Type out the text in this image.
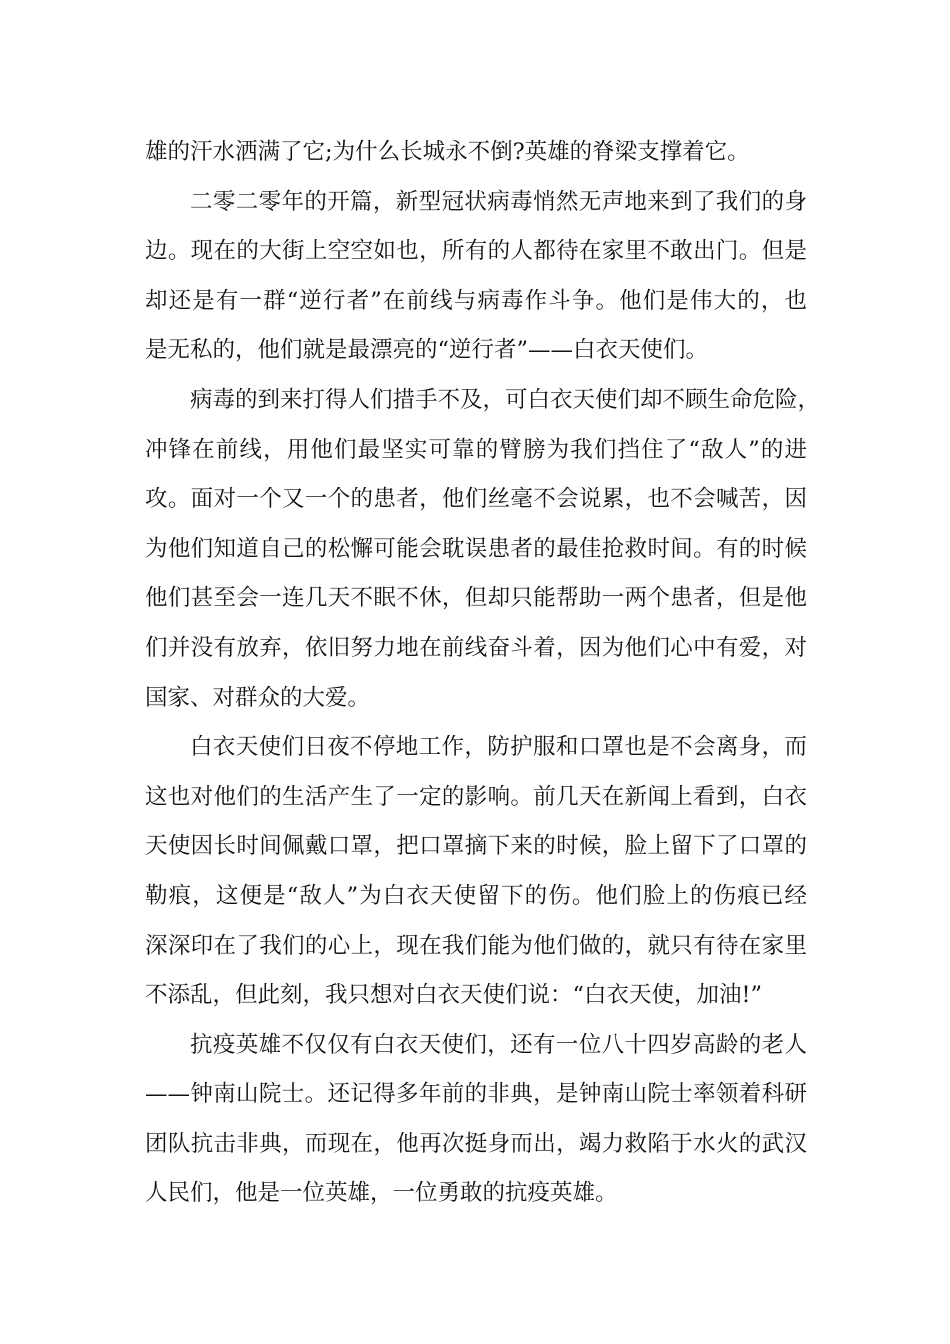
雄的汗水洒满了它;为什么长城永不倒?英雄的脊梁支撑着它。
二零二零年的开篇，新型冠状病毒悄然无声地来到了我们的身
边。现在的大街上空空如也，所有的人都待在家里不敢出门。但是
却还是有一群“逆行者”在前线与病毒作斗争。他们是伟大的，也
是无私的，他们就是最漂亮的“逆行者”——白衣天使们。
病毒的到来打得人们措手不及，可白衣天使们却不顾生命危险，
冲锋在前线，用他们最坚实可靠的臂膀为我们挡住了“敌人”的进
攻。面对一个又一个的患者，他们丝毫不会说累，也不会喊苦，因
为他们知道自己的松懈可能会耽误患者的最佳抢救时间。有的时候
他们甚至会一连几天不眠不休，但却只能帮助一两个患者，但是他
们并没有放弃，依旧努力地在前线奋斗着，因为他们心中有爱，对
国家、对群众的大爱。
白衣天使们日夜不停地工作，防护服和口罩也是不会离身，而
这也对他们的生活产生了一定的影响。前几天在新闻上看到，白衣
天使因长时间佩戴口罩，把口罩摘下来的时候，脸上留下了口罩的
勒痕，这便是“敌人”为白衣天使留下的伤。他们脸上的伤痕已经
深深印在了我们的心上，现在我们能为他们做的，就只有待在家里
不添乱，但此刻，我只想对白衣天使们说：“白衣天使，加油!”
抗疫英雄不仅仅有白衣天使们，还有一位八十四岁高龄的老人
——钟南山院士。还记得多年前的非典，是钟南山院士率领着科研
团队抗击非典，而现在，他再次挺身而出，竭力救陷于水火的武汉
人民们，他是一位英雄，一位勇敢的抗疫英雄。
